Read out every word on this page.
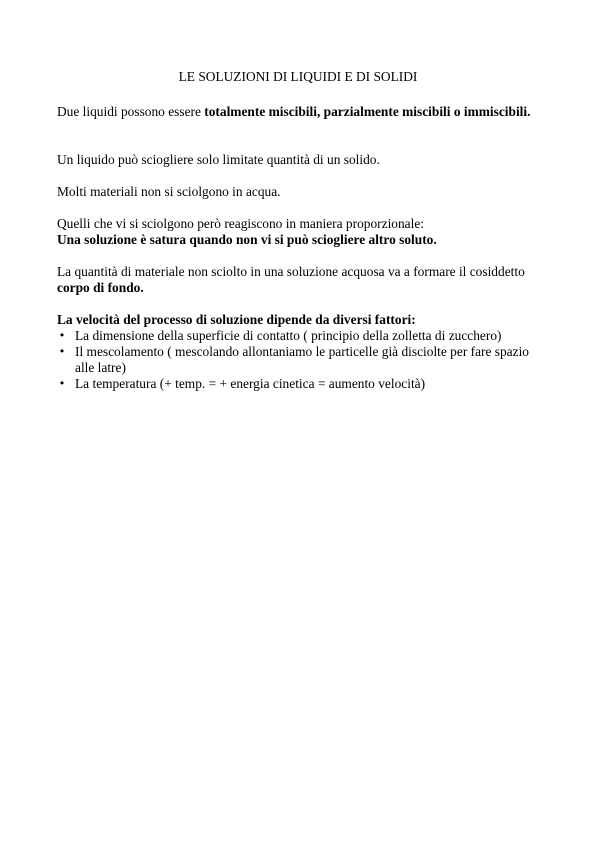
LE SOLUZIONI DI LIQUIDI E DI SOLIDI

Due liquidi possono essere totalmente miscibili, parzialmente miscibili o immiscibili.

Un liquido può sciogliere solo limitate quantità di un solido.

Molti materiali non si sciolgono in acqua.

Quelli che vi si sciolgono però reagiscono in maniera proporzionale:
Una soluzione è satura quando non vi si può sciogliere altro soluto.

La quantità di materiale non sciolto in una soluzione acquosa va a formare il cosiddetto corpo di fondo.

La velocità del processo di soluzione dipende da diversi fattori:

• La dimensione della superficie di contatto ( principio della zolletta di zucchero)
• Il mescolamento ( mescolando allontaniamo le particelle già disciolte per fare spazio alle latre)
• La temperatura (+ temp. = + energia cinetica = aumento velocità)
